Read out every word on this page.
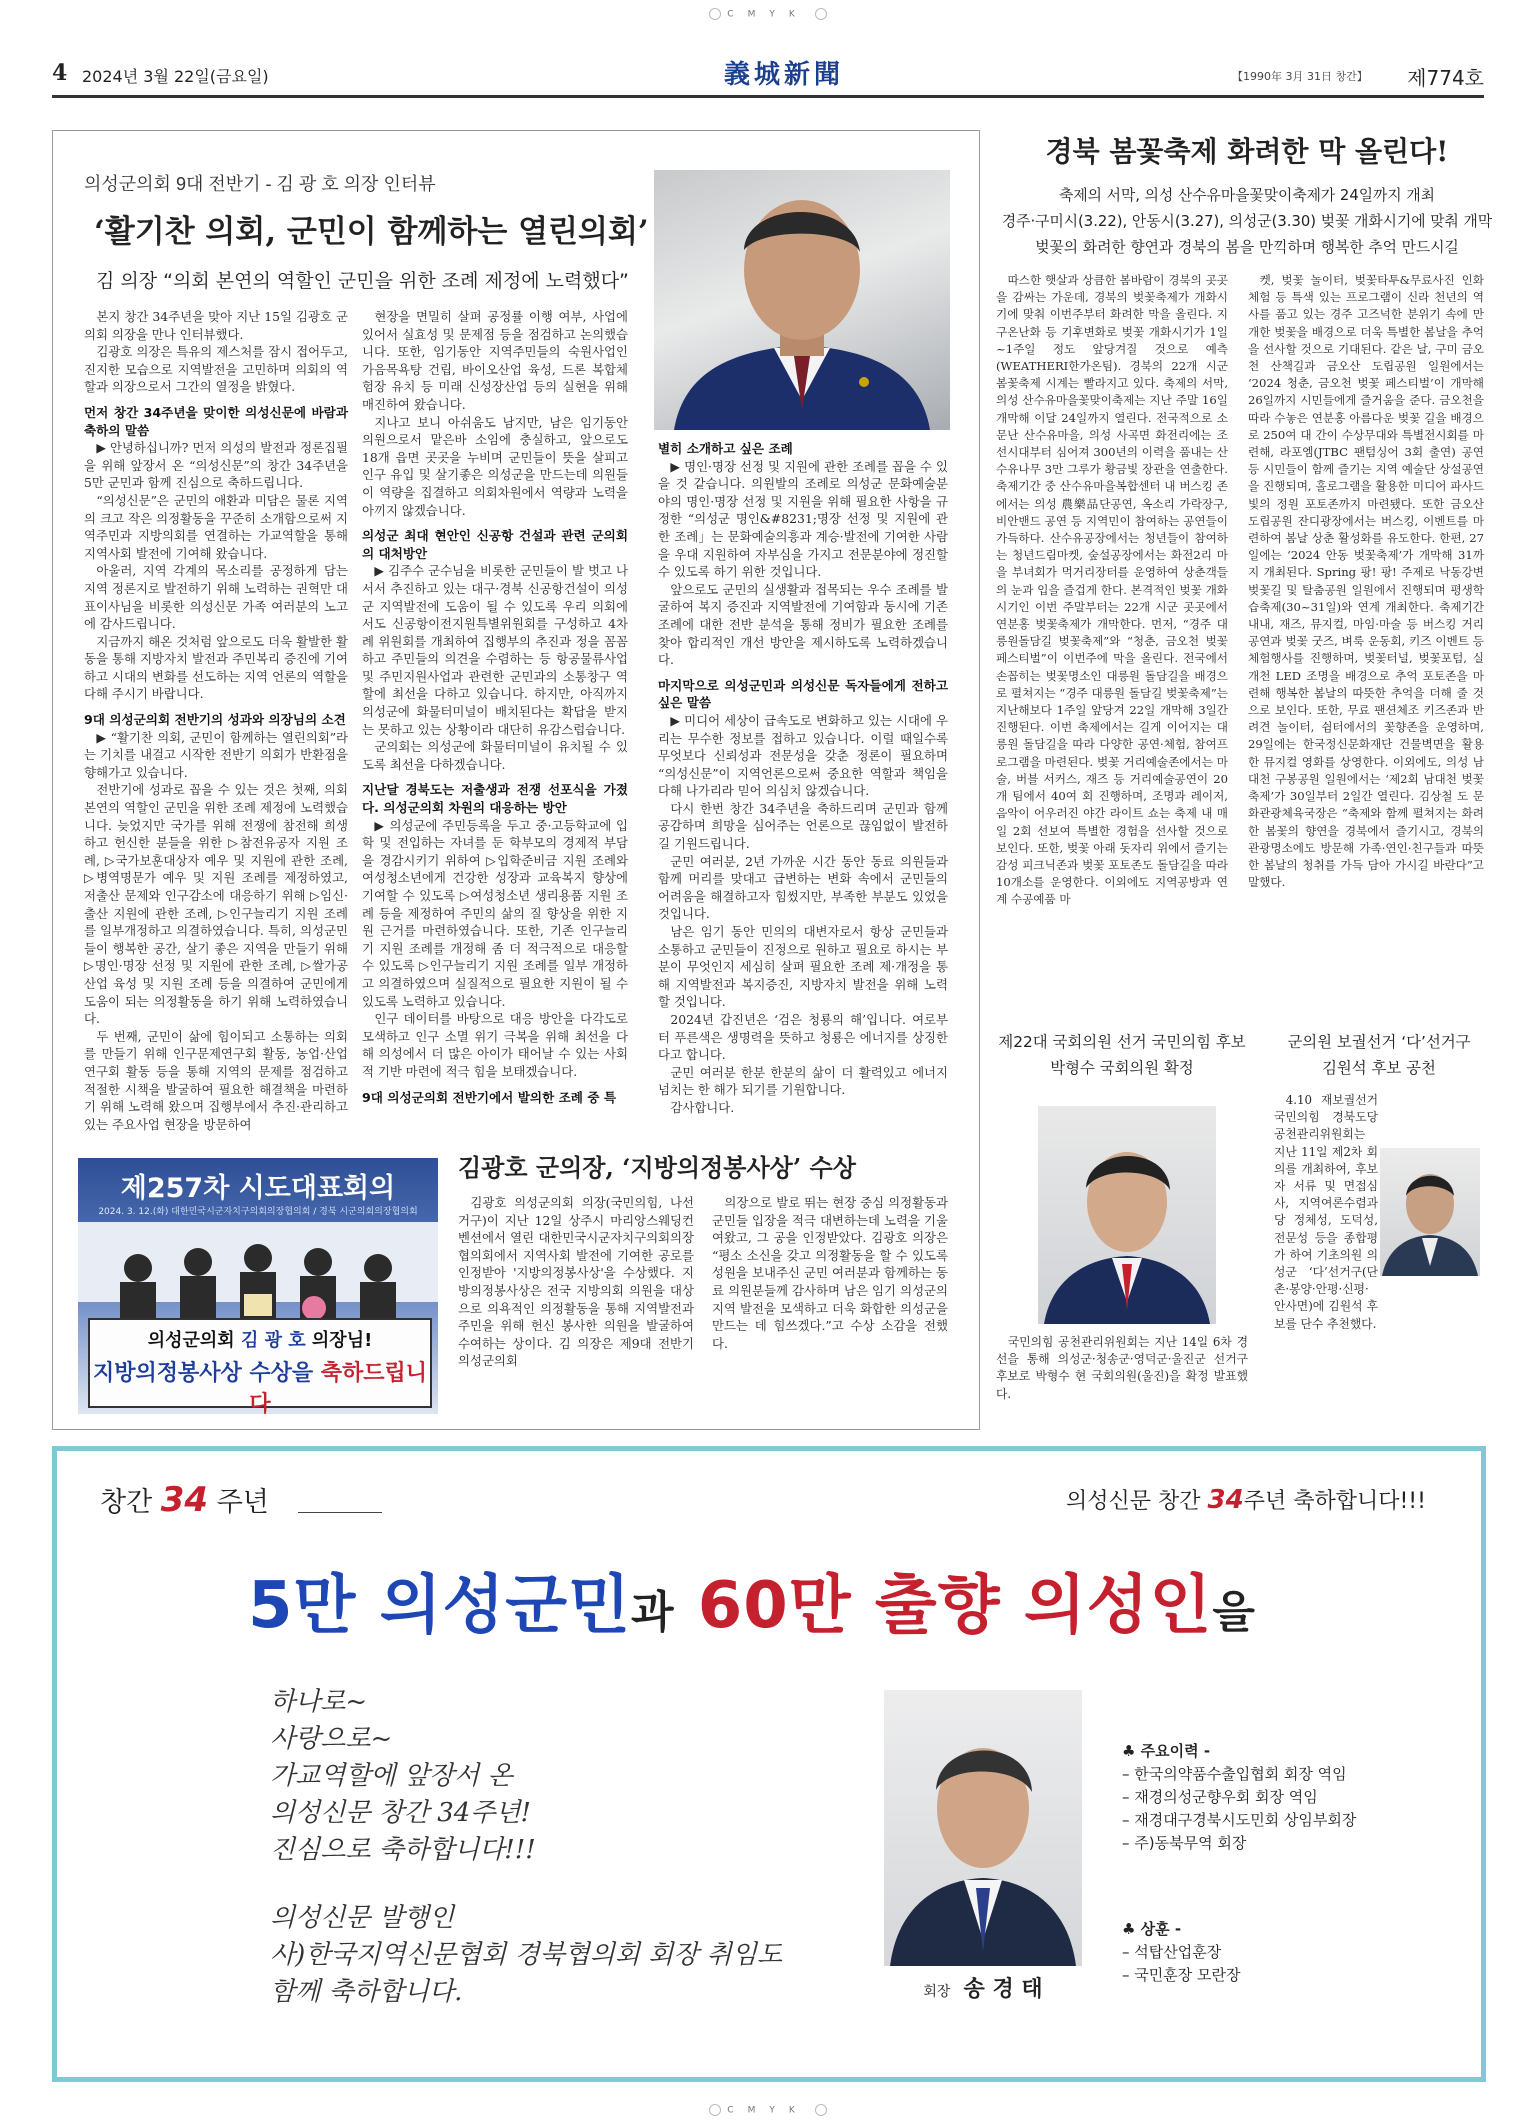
CMYK
4 2024년 3월 22일(금요일)	義城新聞	【1990年 3月 31日 창간】 제774호
의성군의회 9대 전반기 - 김 광 호 의장 인터뷰
‘활기찬 의회, 군민이 함께하는 열린의회’
김 의장 “의회 본연의 역할인 군민을 위한 조례 제정에 노력했다”

본지 창간 34주년을 맞아 지난 15일 김광호 군의회 의장을 만나 인터뷰했다.

김광호 의장은 특유의 제스처를 잠시 접어두고, 진지한 모습으로 지역발전을 고민하며 의회의 역할과 의장으로서 그간의 열정을 밝혔다.

먼저 창간 34주년을 맞이한 의성신문에 바람과 축하의 말씀

▶ 안녕하십니까? 먼저 의성의 발전과 정론집필을 위해 앞장서 온 “의성신문”의 창간 34주년을 5만 군민과 함께 진심으로 축하드립니다.

“의성신문”은 군민의 애환과 미담은 물론 지역의 크고 작은 의정활동을 꾸준히 소개함으로써 지역주민과 지방의회를 연결하는 가교역할을 통해 지역사회 발전에 기여해 왔습니다.

아울러, 지역 각계의 목소리를 공정하게 담는 지역 정론지로 발전하기 위해 노력하는 권혁만 대표이사님을 비롯한 의성신문 가족 여러분의 노고에 감사드립니다.

지금까지 해온 것처럼 앞으로도 더욱 활발한 활동을 통해 지방자치 발전과 주민복리 증진에 기여하고 시대의 변화를 선도하는 지역 언론의 역할을 다해 주시기 바랍니다.

9대 의성군의회 전반기의 성과와 의장님의 소견

▶ “활기찬 의회, 군민이 함께하는 열린의회”라는 기치를 내걸고 시작한 전반기 의회가 반환점을 향해가고 있습니다.

전반기에 성과로 꼽을 수 있는 것은 첫째, 의회 본연의 역할인 군민을 위한 조례 제정에 노력했습니다. 늦었지만 국가를 위해 전쟁에 참전해 희생하고 헌신한 분들을 위한 ▷참전유공자 지원 조례, ▷국가보훈대상자 예우 및 지원에 관한 조례, ▷병역명문가 예우 및 지원 조례를 제정하였고, 저출산 문제와 인구감소에 대응하기 위해 ▷임신·출산 지원에 관한 조례, ▷인구늘리기 지원 조례를 일부개정하고 의결하였습니다. 특히, 의성군민들이 행복한 공간, 살기 좋은 지역을 만들기 위해 ▷명인·명장 선정 및 지원에 관한 조례, ▷쌀가공산업 육성 및 지원 조례 등을 의결하여 군민에게 도움이 되는 의정활동을 하기 위해 노력하였습니다.

두 번째, 군민이 삶에 힘이되고 소통하는 의회를 만들기 위해 인구문제연구회 활동, 농업·산업연구회 활동 등을 통해 지역의 문제를 점검하고 적절한 시책을 발굴하여 필요한 해결책을 마련하기 위해 노력해 왔으며 집행부에서 추진·관리하고 있는 주요사업 현장을 방문하여

현장을 면밀히 살펴 공정률 이행 여부, 사업에 있어서 실효성 및 문제점 등을 점검하고 논의했습니다. 또한, 임기동안 지역주민들의 숙원사업인 가음목욕탕 건립, 바이오산업 육성, 드론 복합체험장 유치 등 미래 신성장산업 등의 실현을 위해 매진하여 왔습니다.

지나고 보니 아쉬움도 남지만, 남은 임기동안 의원으로서 맡은바 소임에 충실하고, 앞으로도 18개 읍면 곳곳을 누비며 군민들이 뜻을 살피고 인구 유입 및 살기좋은 의성군을 만드는데 의원들이 역량을 집결하고 의회차원에서 역량과 노력을 아끼지 않겠습니다.

의성군 최대 현안인 신공항 건설과 관련 군의회의 대처방안

▶ 김주수 군수님을 비롯한 군민들이 발 벗고 나서서 추진하고 있는 대구·경북 신공항건설이 의성군 지역발전에 도움이 될 수 있도록 우리 의회에서도 신공항이전지원특별위원회를 구성하고 4차례 위원회를 개최하여 집행부의 추진과 정을 꼼꼼하고 주민들의 의견을 수렴하는 등 항공물류사업 및 주민지원사업과 관련한 군민과의 소통창구 역할에 최선을 다하고 있습니다. 하지만, 아직까지 의성군에 화물터미널이 배치된다는 확답을 받지는 못하고 있는 상황이라 대단히 유감스럽습니다.

군의회는 의성군에 화물터미널이 유치될 수 있도록 최선을 다하겠습니다.

지난달 경북도는 저출생과 전쟁 선포식을 가졌다. 의성군의회 차원의 대응하는 방안

▶ 의성군에 주민등록을 두고 중·고등학교에 입학 및 전입하는 자녀를 둔 학부모의 경제적 부담을 경감시키기 위하여 ▷입학준비금 지원 조례와 여성청소년에게 건강한 성장과 교육복지 향상에 기여할 수 있도록 ▷여성청소년 생리용품 지원 조례 등을 제정하여 주민의 삶의 질 향상을 위한 지원 근거를 마련하였습니다. 또한, 기존 인구늘리기 지원 조례를 개정해 좀 더 적극적으로 대응할 수 있도록 ▷인구늘리기 지원 조례를 일부 개정하고 의결하였으며 실질적으로 필요한 지원이 될 수 있도록 노력하고 있습니다.

인구 데이터를 바탕으로 대응 방안을 다각도로 모색하고 인구 소멸 위기 극복을 위해 최선을 다해 의성에서 더 많은 아이가 태어날 수 있는 사회적 기반 마련에 적극 힘을 보태겠습니다.

9대 의성군의회 전반기에서 발의한 조례 중 특
별히 소개하고 싶은 조례

▶ 명인·명장 선정 및 지원에 관한 조례를 꼽을 수 있을 것 같습니다. 의원발의 조례로 의성군 문화예술분야의 명인·명장 선정 및 지원을 위해 필요한 사항을 규정한 “의성군 명인&#8231;명장 선정 및 지원에 관한 조례」는 문화예술의흥과 계승·발전에 기여한 사람을 우대 지원하여 자부심을 가지고 전문분야에 정진할 수 있도록 하기 위한 것입니다.

앞으로도 군민의 실생활과 접목되는 우수 조례를 발굴하여 복지 증진과 지역발전에 기여함과 동시에 기존 조례에 대한 전반 분석을 통해 정비가 필요한 조례를 찾아 합리적인 개선 방안을 제시하도록 노력하겠습니다.

마지막으로 의성군민과 의성신문 독자들에게 전하고 싶은 말씀

▶ 미디어 세상이 급속도로 변화하고 있는 시대에 우리는 무수한 정보를 접하고 있습니다. 이럴 때일수록 무엇보다 신뢰성과 전문성을 갖춘 정론이 필요하며 “의성신문”이 지역언론으로써 중요한 역할과 책임을 다해 나가리라 믿어 의심치 않겠습니다.

다시 한번 창간 34주년을 축하드리며 군민과 함께 공감하며 희망을 심어주는 언론으로 끊임없이 발전하길 기원드립니다.

군민 여러분, 2년 가까운 시간 동안 동료 의원들과 함께 머리를 맞대고 급변하는 변화 속에서 군민들의 어려움을 해결하고자 힘썼지만, 부족한 부분도 있었을 것입니다.

남은 임기 동안 민의의 대변자로서 항상 군민들과 소통하고 군민들이 진정으로 원하고 필요로 하시는 부분이 무엇인지 세심히 살펴 필요한 조례 제·개정을 통해 지역발전과 복지증진, 지방자치 발전을 위해 노력할 것입니다.

2024년 갑진년은 ‘검은 청룡의 해’입니다. 여로부터 푸른색은 생명력을 뜻하고 청룡은 에너지를 상징한다고 합니다.

군민 여러분 한분 한분의 삶이 더 활력있고 에너지 넘치는 한 해가 되기를 기원합니다.

감사합니다.

제257차 시도대표회의
2024. 3. 12.(화) 대한민국시군자치구의회의장협의회 / 경북 시군의회의장협의회
의성군의회 김 광 호 의장님!
지방의정봉사상 수상을 축하드립니다
김광호 군의장, ‘지방의정봉사상’ 수상

김광호 의성군의회 의장(국민의힘, 나선거구)이 지난 12일 상주시 마리앙스웨딩컨벤션에서 열린 대한민국시군자치구의회의장협의회에서 지역사회 발전에 기여한 공로를 인정받아 '지방의정봉사상'을 수상했다. 지방의정봉사상은 전국 지방의회 의원을 대상으로 의욕적인 의정활동을 통해 지역발전과 주민을 위해 헌신 봉사한 의원을 발굴하여 수여하는 상이다. 김 의장은 제9대 전반기 의성군의회

의장으로 발로 뛰는 현장 중심 의정활동과 군민들 입장을 적극 대변하는데 노력을 기울여왔고, 그 공을 인정받았다. 김광호 의장은 “평소 소신을 갖고 의정활동을 할 수 있도록 성원을 보내주신 군민 여러분과 함께하는 동료 의원분들께 감사하며 남은 임기 의성군의 지역 발전을 모색하고 더욱 화합한 의성군을 만드는 데 힘쓰겠다.”고 수상 소감을 전했다.

경북 봄꽃축제 화려한 막 올린다!
축제의 서막, 의성 산수유마을꽃맞이축제가 24일까지 개최
경주·구미시(3.22), 안동시(3.27), 의성군(3.30) 벚꽃 개화시기에 맞춰 개막
벚꽃의 화려한 향연과 경북의 봄을 만끽하며 행복한 추억 만드시길

따스한 햇살과 상큼한 봄바람이 경북의 곳곳을 감싸는 가운데, 경북의 벚꽃축제가 개화시기에 맞춰 이번주부터 화려한 막을 올린다. 지구온난화 등 기후변화로 벚꽃 개화시기가 1일~1주일 정도 앞당겨질 것으로 예측(WEATHERI한가온팀). 경북의 22개 시군 봄꽃축제 시계는 빨라지고 있다. 축제의 서막, 의성 산수유마을꽃맞이축제는 지난 주말 16일 개막해 이달 24일까지 열린다. 전국적으로 소문난 산수유마을, 의성 사곡면 화전리에는 조선시대부터 심어져 300년의 이력을 품내는 산수유나무 3만 그루가 황금빛 장관을 연출한다. 축제기간 중 산수유마을복합센터 내 버스킹 존에서는 의성 農樂品단공연, 옥소리 가락장구, 비안밴드 공연 등 지역민이 참여하는 공연들이 가득하다. 산수유공장에서는 청년들이 참여하는 청년드림마켓, 숲설공장에서는 화전2리 마을 부녀회가 먹거리장터를 운영하여 상춘객들의 눈과 입을 즐겁게 한다. 본격적인 벚꽃 개화시기인 이번 주말부터는 22개 시군 곳곳에서 연분홍 벚꽃축제가 개막한다. 먼저, “경주 대릉원돌담길 벚꽃축제”와 “청춘, 금오천 벚꽃 페스티벌”이 이번주에 막을 올린다. 전국에서 손꼽히는 벚꽃명소인 대릉원 돌담길을 배경으로 펼쳐지는 “경주 대릉원 돌담길 벚꽃축제”는 지난해보다 1주일 앞당겨 22일 개막해 3일간 진행된다. 이번 축제에서는 길게 이어지는 대릉원 돌담길을 따라 다양한 공연·체험, 참여프로그램을 마련된다. 벚꽃 거리예술존에서는 마술, 버블 서커스, 재즈 등 거리예술공연이 20개 팀에서 40여 회 진행하며, 조명과 레이저, 음악이 어우러진 야간 라이트 쇼는 축제 내 매일 2회 선보여 특별한 경험을 선사할 것으로 보인다. 또한, 벚꽃 아래 돗자리 위에서 즐기는 감성 피크닉존과 벚꽃 포토존도 돌담길을 따라 10개소를 운영한다. 이외에도 지역공방과 연계 수공예품 마

켓, 벚꽃 놀이터, 벚꽃타투&무료사진 인화 체험 등 특색 있는 프로그램이 신라 천년의 역사를 품고 있는 경주 고즈넉한 분위기 속에 만개한 벚꽃을 배경으로 더욱 특별한 봄날을 추억을 선사할 것으로 기대된다. 같은 날, 구미 금오천 산책길과 금오산 도립공원 일원에서는 ‘2024 청춘, 금오천 벚꽃 페스티벌’이 개막해 26일까지 시민들에게 즐거움을 준다. 금오천을 따라 수놓은 연분홍 아름다운 벚꽃 길을 배경으로 250여 대 간이 수상무대와 특별전시회를 마련해, 라포엠(JTBC 팬텀싱어 3회 출연) 공연 등 시민들이 함께 즐기는 지역 예술단 상설공연을 진행되며, 홀로그램을 활용한 미디어 파사드빛의 정원 포토존까지 마련됐다. 또한 금오산 도립공원 잔디광장에서는 버스킹, 이벤트를 마련하여 봄날 상춘 활성화를 유도한다. 한편, 27일에는 ‘2024 안동 벚꽃축제’가 개막해 31까지 개최된다. Spring 팡! 팡! 주제로 낙동강변 벚꽃길 및 탈춤공원 일원에서 진행되며 평생학습축제(30~31일)와 연계 개최한다. 축제기간 내내, 재즈, 뮤지컬, 마임·마술 등 버스킹 거리공연과 벚꽃 굿즈, 벼룩 운동회, 키즈 이벤트 등 체험행사를 진행하며, 벚꽃터널, 벚꽃포텀, 실개천 LED 조명을 배경으로 추억 포토존을 마련해 행복한 봄날의 따뜻한 추억을 더해 줄 것으로 보인다. 또한, 무료 팬션체조 키즈존과 반려견 놀이터, 쉼터에서의 꽃향존을 운영하며, 29일에는 한국정신문화재단 건물벽면을 활용한 뮤지컬 영화를 상영한다. 이외에도, 의성 남대천 구봉공원 일원에서는 ‘제2회 남대천 벚꽃축제’가 30일부터 2일간 열린다. 김상철 도 문화관광체육국장은 “축제와 함께 펼쳐지는 화려한 봄꽃의 향연을 경북에서 즐기시고, 경북의 관광명소에도 방문해 가족·연인·친구들과 따뜻한 봄날의 청취를 가득 담아 가시길 바란다”고 말했다.

제22대 국회의원 선거 국민의힘 후보
박형수 국회의원 확정

국민의힘 공천관리위원회는 지난 14일 6차 경선을 통해 의성군·청송군·영덕군·울진군 선거구 후보로 박형수 현 국회의원(울진)을 확정 발표했다.

군의원 보궐선거 ‘다’선거구
김원석 후보 공천

4.10 재보궐선거 국민의힘 경북도당 공천관리위원회는 지난 11일 제2차 회의를 개최하여, 후보자 서류 및 면접심사, 지역여론수렴과 당 정체성, 도덕성, 전문성 등을 종합평가 하여 기초의원 의성군 ‘다’선거구(단촌·봉양·안평·신평·안사면)에 김원석 후보를 단수 추천했다.

창간 34 주년	의성신문 창간 34주년 축하합니다!!!
5만 의성군민과 60만 출향 의성인을
하나로~
사랑으로~
가교역할에 앞장서 온
의성신문 창간 34주년!
진심으로 축하합니다!!!
의성신문 발행인
사)한국지역신문협회 경북협의회 회장 취임도
함께 축하합니다.	회장 송 경 태
♣ 주요이력 -
– 한국의약품수출입협회 회장 역임
– 재경의성군향우회 회장 역임
– 재경대구경북시도민회 상임부회장
– 주)동북무역 회장
♣ 상훈 -
– 석탑산업훈장
– 국민훈장 모란장
CMYK
